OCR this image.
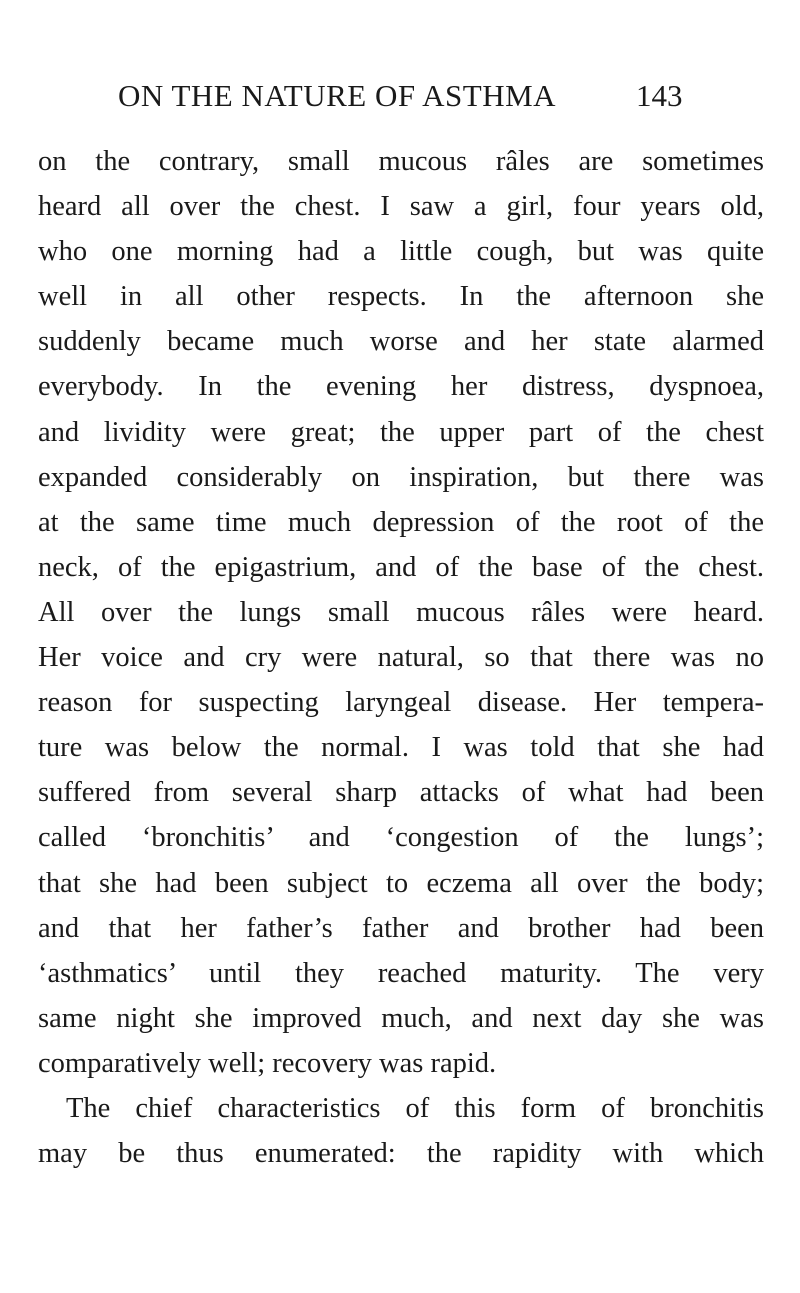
ON THE NATURE OF ASTHMA	143
on the contrary, small mucous râles are sometimes
heard all over the chest. I saw a girl, four years old,
who one morning had a little cough, but was quite
well in all other respects. In the afternoon she
suddenly became much worse and her state alarmed
everybody. In the evening her distress, dyspnoea,
and lividity were great; the upper part of the chest
expanded considerably on inspiration, but there was
at the same time much depression of the root of the
neck, of the epigastrium, and of the base of the chest.
All over the lungs small mucous râles were heard.
Her voice and cry were natural, so that there was no
reason for suspecting laryngeal disease. Her tempera-
ture was below the normal. I was told that she had
suffered from several sharp attacks of what had been
called ‘bronchitis’ and ‘congestion of the lungs’;
that she had been subject to eczema all over the body;
and that her father’s father and brother had been
‘asthmatics’ until they reached maturity. The very
same night she improved much, and next day she was
comparatively well; recovery was rapid.
The chief characteristics of this form of bronchitis
may be thus enumerated: the rapidity with which
